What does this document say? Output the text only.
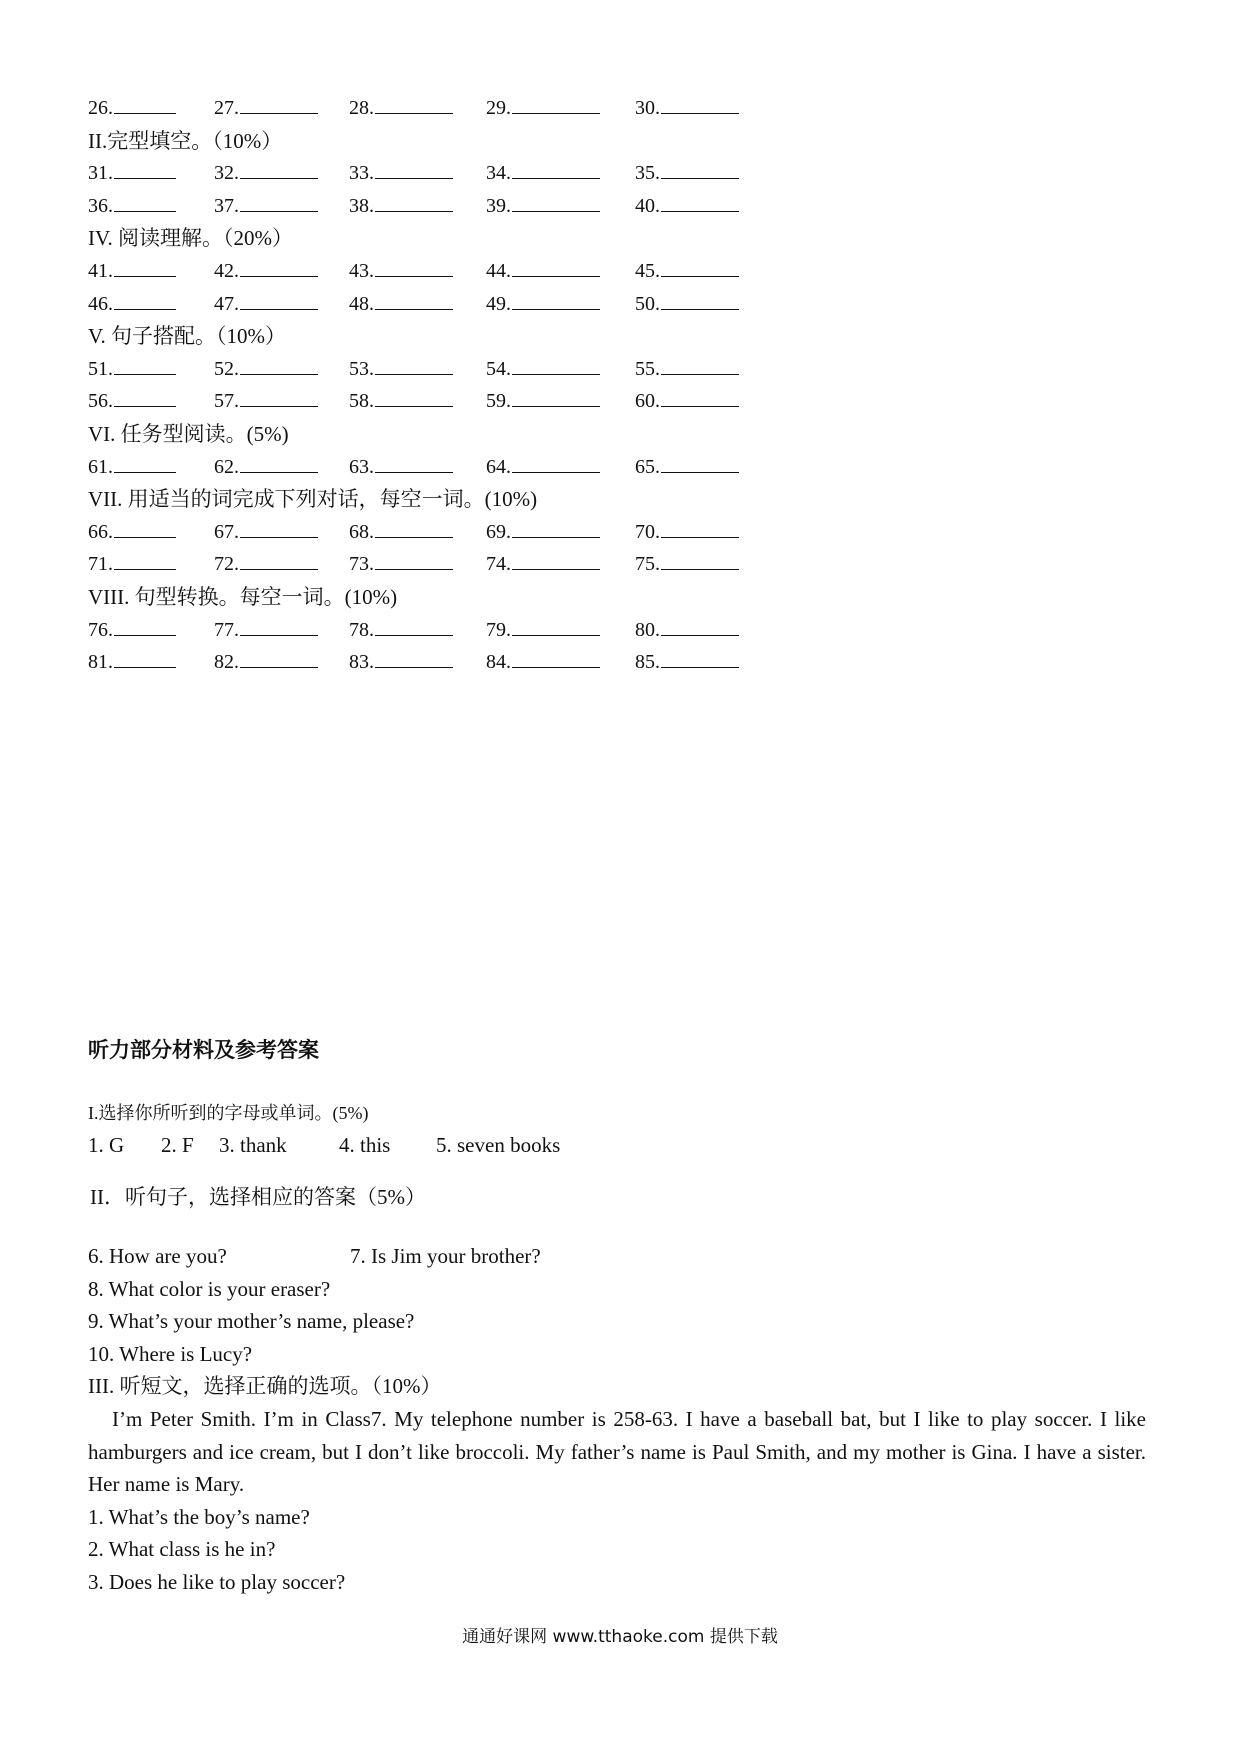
26.	27.	28.	29.	30.
II.完型填空。（10%）
31.	32.	33.	34.	35.
36.	37.	38.	39.	40.
IV. 阅读理解。（20%）
41.	42.	43.	44.	45.
46.	47.	48.	49.	50.
V. 句子搭配。（10%）
51.	52.	53.	54.	55.
56.	57.	58.	59.	60.
VI. 任务型阅读。(5%)
61.	62.	63.	64.	65.
VII. 用适当的词完成下列对话，每空一词。(10%)
66.	67.	68.	69.	70.
71.	72.	73.	74.	75.
VIII. 句型转换。每空一词。(10%)
76.	77.	78.	79.	80.
81.	82.	83.	84.	85.
听力部分材料及参考答案
I.选择你所听到的字母或单词。(5%)
1. G 2. F 3. thank 4. this 5. seven books
II．听句子，选择相应的答案（5%）
6. How are you?	7. Is Jim your brother?
8. What color is your eraser?
9. What’s your mother’s name, please?
10. Where is Lucy?
III. 听短文，选择正确的选项。（10%）
I’m Peter Smith. I’m in Class7. My telephone number is 258-63. I have a baseball bat, but I like to play soccer. I like hamburgers and ice cream, but I don’t like broccoli. My father’s name is Paul Smith, and my mother is Gina. I have a sister. Her name is Mary.
1. What’s the boy’s name?
2. What class is he in?
3. Does he like to play soccer?
通通好课网 www.tthaoke.com 提供下载
